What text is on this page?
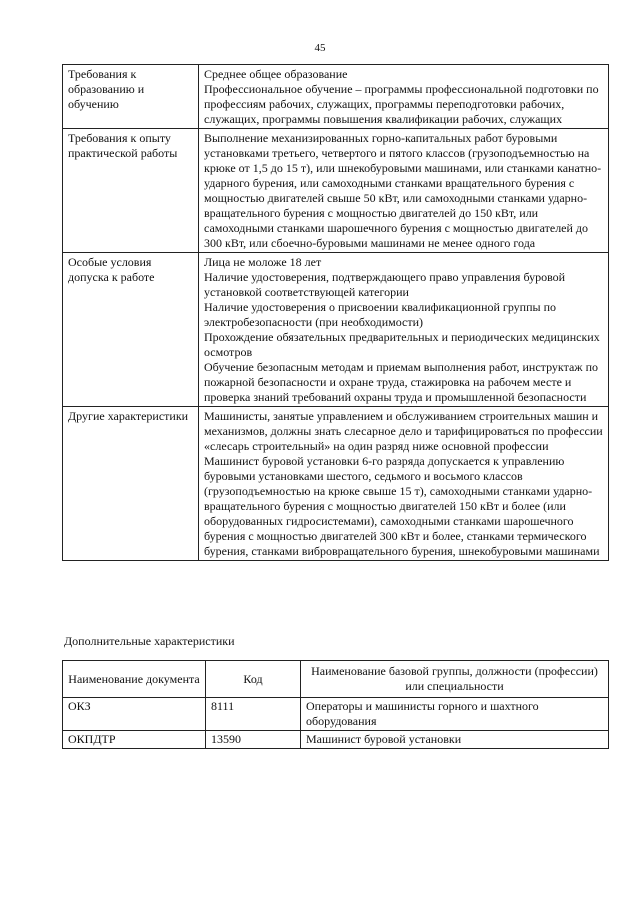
45
Требования к образованию и обучению	Среднее общее образование

Профессиональное обучение – программы профессиональной подготовки по профессиям рабочих, служащих, программы переподготовки рабочих, служащих, программы повышения квалификации рабочих, служащих

Требования к опыту практической работы	Выполнение механизированных горно-капитальных работ буровыми установками третьего, четвертого и пятого классов (грузоподъемностью на крюке от 1,5 до 15 т), или шнекобуровыми машинами, или станками канатно-ударного бурения, или самоходными станками вращательного бурения с мощностью двигателей свыше 50 кВт, или самоходными станками ударно-вращательного бурения с мощностью двигателей до 150 кВт, или самоходными станками шарошечного бурения с мощностью двигателей до 300 кВт, или сбоечно-буровыми машинами не менее одного года

Особые условия допуска к работе	Лица не моложе 18 лет

Наличие удостоверения, подтверждающего право управления буровой установкой соответствующей категории

Наличие удостоверения о присвоении квалификационной группы по электробезопасности (при необходимости)

Прохождение обязательных предварительных и периодических медицинских осмотров

Обучение безопасным методам и приемам выполнения работ, инструктаж по пожарной безопасности и охране труда, стажировка на рабочем месте и проверка знаний требований охраны труда и промышленной безопасности

Другие характеристики	Машинисты, занятые управлением и обслуживанием строительных машин и механизмов, должны знать слесарное дело и тарифицироваться по профессии «слесарь строительный» на один разряд ниже основной профессии

Машинист буровой установки 6-го разряда допускается к управлению буровыми установками шестого, седьмого и восьмого классов (грузоподъемностью на крюке свыше 15 т), самоходными станками ударно-вращательного бурения с мощностью двигателей 150 кВт и более (или оборудованных гидросистемами), самоходными станками шарошечного бурения с мощностью двигателей 300 кВт и более, станками термического бурения, станками вибровращательного бурения, шнекобуровыми машинами

Дополнительные характеристики
Наименование документа	Код	Наименование базовой группы, должности (профессии) или специальности
ОКЗ	8111	Операторы и машинисты горного и шахтного оборудования
ОКПДТР	13590	Машинист буровой установки
